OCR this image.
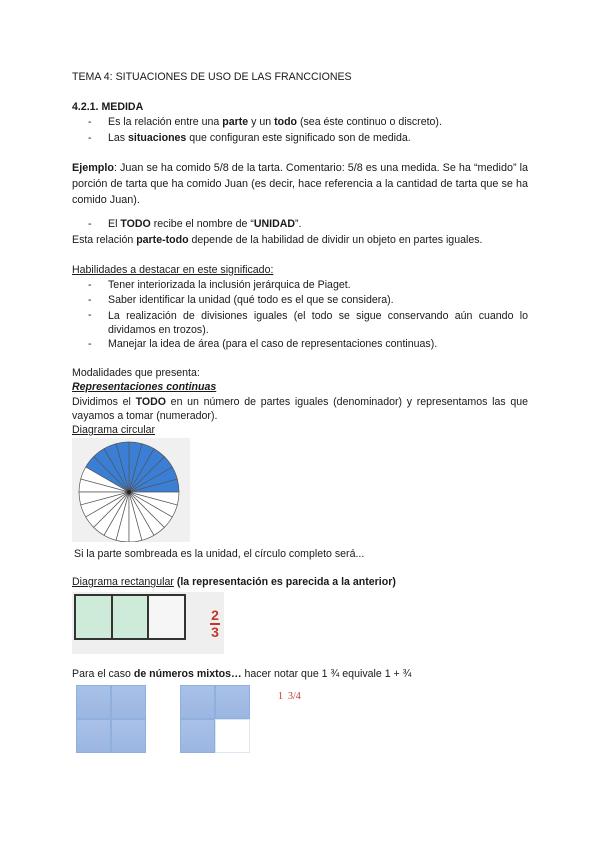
TEMA 4: SITUACIONES DE USO DE LAS FRANCCIONES
4.2.1. MEDIDA
-	Es la relación entre una parte y un todo (sea éste continuo o discreto).
-	Las situaciones que configuran este significado son de medida.
Ejemplo: Juan se ha comido 5/8 de la tarta. Comentario: 5/8 es una medida. Se ha “medido” la porción de tarta que ha comido Juan (es decir, hace referencia a la cantidad de tarta que se ha comido Juan).
-	El TODO recibe el nombre de “UNIDAD”.
Esta relación parte-todo depende de la habilidad de dividir un objeto en partes iguales.
Habilidades a destacar en este significado:
-	Tener interiorizada la inclusión jerárquica de Piaget.
-	Saber identificar la unidad (qué todo es el que se considera).
-	La realización de divisiones iguales (el todo se sigue conservando aún cuando lo dividamos en trozos).
-	Manejar la idea de área (para el caso de representaciones continuas).
Modalidades que presenta:
Representaciones continuas
Dividimos el TODO en un número de partes iguales (denominador) y representamos las que vayamos a tomar (numerador).
Diagrama circular
Si la parte sombreada es la unidad, el círculo completo será...
Diagrama rectangular (la representación es parecida a la anterior)
2
3
Para el caso de números mixtos… hacer notar que 1 ¾ equivale 1 + ¾
1  3/4
